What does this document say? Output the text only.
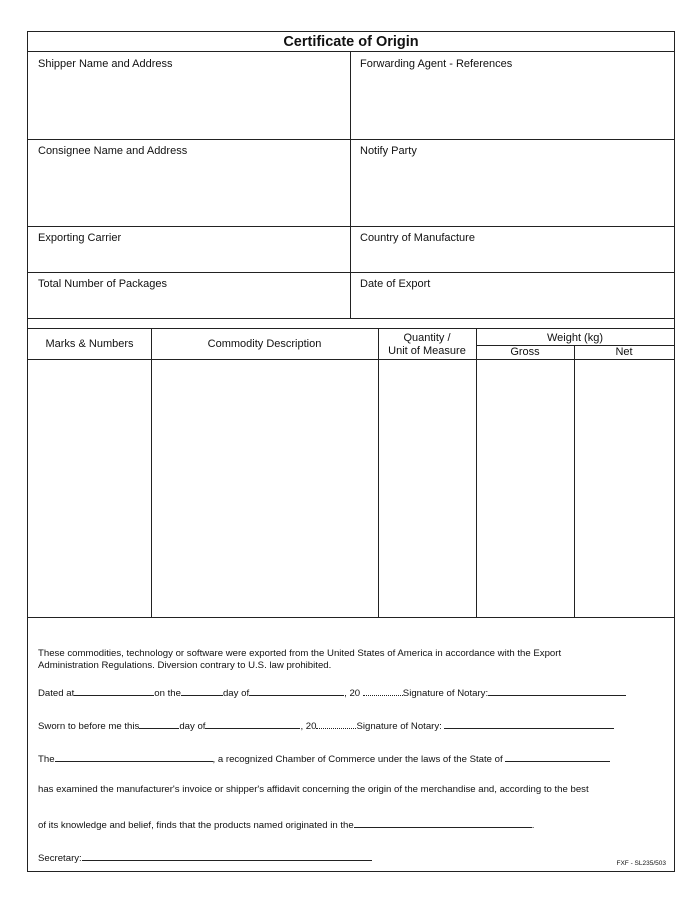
Certificate of Origin
Shipper Name and Address	Forwarding Agent - References
Consignee Name and Address	Notify Party
Exporting Carrier	Country of Manufacture
Total Number of Packages	Date of Export
Marks & Numbers	Commodity Description	Quantity /
Unit of Measure
Weight (kg)
Gross	Net
These commodities, technology or software were exported from the United States of America in accordance with the Export
Administration Regulations. Diversion contrary to U.S. law prohibited.
Dated at	on the	day of	, 20	Signature of Notary:
Sworn to before me this	day of	, 20	Signature of Notary:
The	, a recognized Chamber of Commerce under the laws of the State of
has examined the manufacturer's invoice or shipper's affidavit concerning the origin of the merchandise and, according to the best
of its knowledge and belief, finds that the products named originated in the	.
Secretary:	FXF - SL235/503
